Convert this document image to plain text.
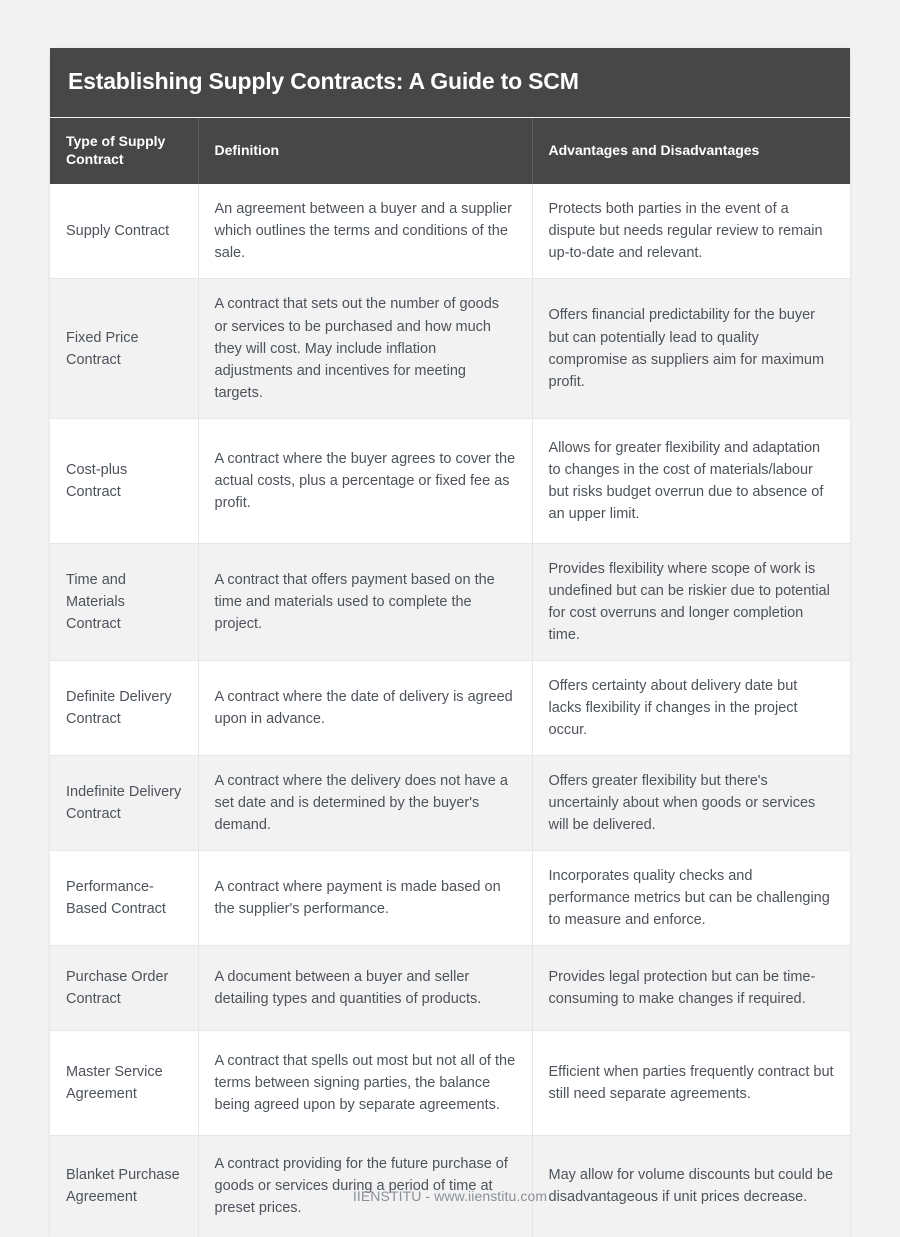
Establishing Supply Contracts: A Guide to SCM
Type of Supply Contract	Definition	Advantages and Disadvantages
Supply Contract	An agreement between a buyer and a supplier which outlines the terms and conditions of the sale.	Protects both parties in the event of a dispute but needs regular review to remain up-to-date and relevant.
Fixed Price Contract	A contract that sets out the number of goods or services to be purchased and how much they will cost. May include inflation adjustments and incentives for meeting targets.	Offers financial predictability for the buyer but can potentially lead to quality compromise as suppliers aim for maximum profit.
Cost-plus Contract	A contract where the buyer agrees to cover the actual costs, plus a percentage or fixed fee as profit.	Allows for greater flexibility and adaptation to changes in the cost of materials/labour but risks budget overrun due to absence of an upper limit.
Time and Materials Contract	A contract that offers payment based on the time and materials used to complete the project.	Provides flexibility where scope of work is undefined but can be riskier due to potential for cost overruns and longer completion time.
Definite Delivery Contract	A contract where the date of delivery is agreed upon in advance.	Offers certainty about delivery date but lacks flexibility if changes in the project occur.
Indefinite Delivery Contract	A contract where the delivery does not have a set date and is determined by the buyer's demand.	Offers greater flexibility but there's uncertainly about when goods or services will be delivered.
Performance-Based Contract	A contract where payment is made based on the supplier's performance.	Incorporates quality checks and performance metrics but can be challenging to measure and enforce.
Purchase Order Contract	A document between a buyer and seller detailing types and quantities of products.	Provides legal protection but can be time-consuming to make changes if required.
Master Service Agreement	A contract that spells out most but not all of the terms between signing parties, the balance being agreed upon by separate agreements.	Efficient when parties frequently contract but still need separate agreements.
Blanket Purchase Agreement	A contract providing for the future purchase of goods or services during a period of time at preset prices.	May allow for volume discounts but could be disadvantageous if unit prices decrease.
IIENSTITU - www.iienstitu.com
